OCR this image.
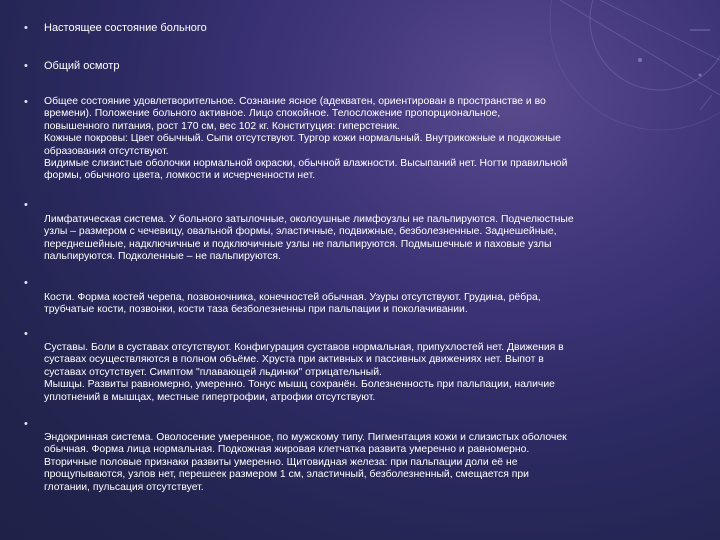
• Настоящее состояние больного
• Общий осмотр
• Общее состояние удовлетворительное. Сознание ясное (адекватен, ориентирован в пространстве и во
времени). Положение больного активное. Лицо спокойное. Телосложение пропорциональное,
повышенного питания, рост 170 см, вес 102 кг. Конституция: гиперстеник.
Кожные покровы: Цвет обычный. Сыпи отсутствуют. Тургор кожи нормальный. Внутрикожные и подкожные
образования отсутствуют.
Видимые слизистые оболочки нормальной окраски, обычной влажности. Высыпаний нет. Ногти правильной
формы, обычного цвета, ломкости и исчерченности нет.
•
Лимфатическая система. У больного затылочные, околоушные лимфоузлы не пальпируются. Подчелюстные
узлы – размером с чечевицу, овальной формы, эластичные, подвижные, безболезненные. Заднешейные,
переднешейные, надключичные и подключичные узлы не пальпируются. Подмышечные и паховые узлы
пальпируются. Подколенные – не пальпируются.
•
Кости. Форма костей черепа, позвоночника, конечностей обычная. Узуры отсутствуют. Грудина, рёбра,
трубчатые кости, позвонки, кости таза безболезненны при пальпации и поколачивании.
•
Суставы. Боли в суставах отсутствуют. Конфигурация суставов нормальная, припухлостей нет. Движения в
суставах осуществляются в полном объёме. Хруста при активных и пассивных движениях нет. Выпот в
суставах отсутствует. Симптом "плавающей льдинки" отрицательный.
Мышцы. Развиты равномерно, умеренно. Тонус мышц сохранён. Болезненность при пальпации, наличие
уплотнений в мышцах, местные гипертрофии, атрофии отсутствуют.
•
Эндокринная система. Оволосение умеренное, по мужскому типу. Пигментация кожи и слизистых оболочек
обычная. Форма лица нормальная. Подкожная жировая клетчатка развита умеренно и равномерно.
Вторичные половые признаки развиты умеренно. Щитовидная железа: при пальпации доли её не
прощупываются, узлов нет, перешеек размером 1 см, эластичный, безболезненный, смещается при
глотании, пульсация отсутствует.
